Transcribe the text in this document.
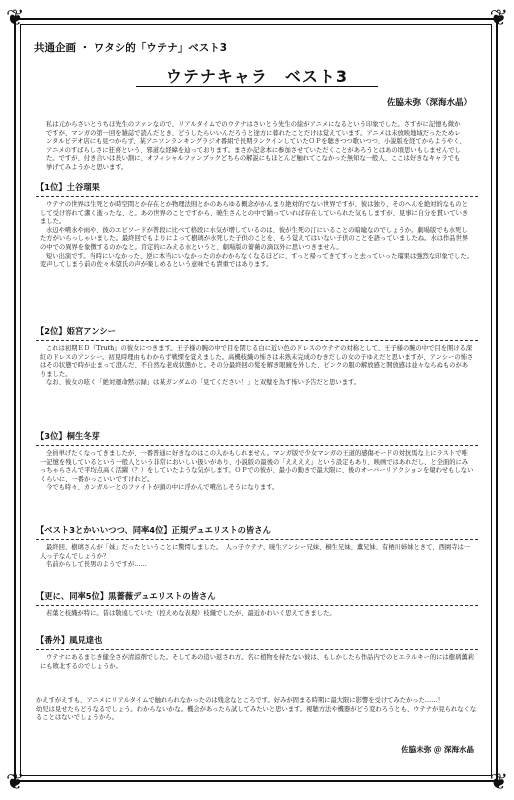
❦	❦
❦	❦
共通企画 ・ ワタシ的「ウテナ」ベスト3
ウテナキャラ　ベスト3
佐脇未弥（深海水晶）
私は元からさいとうちほ先生のファンなので、リアルタイムでのウテナはさいとう先生の絵がアニメになるという印象でした。さすがに記憶も微かですが、マンガの第一回を雑誌で読んだとき、どうしたらいいんだろうと途方に暮れたことだけは覚えています。アニメは未放映地域だったためレンタルビデオ店にも見つからず、某アニソンランキングラジオ番組で長期ランクインしていたＯＰを聴きつつ歌いつつ、小説版を経てからようやく、アニメのすばらしさに狂喜という、邪道な経緯を辿っております。まさか記念本に参加させていただくことがあろうとはあの頃思いもしませんでした。ですが、付き合いは長い割に、オフィシャルファンブックどちらの解説にもほとんど触れてこなかった無知な一般人、ここは好きなキャラでも挙げてみようかと思います。
【1位】土谷瑠果

ウテナの世界は生死とか時空間とか存在とか物理法則とかのあらゆる概念がかんまり絶対的でない世界ですが、彼は独り、そのへんを絶対的なものとして受け容れて潔く逝ったな、と。あの世界のことですから、暁生さんとの中で踊っていれば存在していられた気もしますが、見事に自分を貫いていきました。

水辺や噴水や雨や、彼のエピソードが普段に比べて格段に水気が増しているのは、彼が生死の汀にいることの暗喩なのでしょうか。劇場版でも水死した方がいらっしゃいました。最終回でもよりによって樹璃が水死した子供のことを、もう覚えてはいない子供のことを語っていましたね。水は作品世界の中での異界を象徴するのかなと。肯定的にみえる水というと、劇場版の薔薇の滴以外に思いつきません。

短い出演です。当時にいなかった、逆に本当にいなかったのかわからなくなるほどに、すっと帰ってきてすっと去っていった瑠果は強烈な印象でした。変声してしまう前の佐々木望氏の声が楽しめるという意味でも貴重ではあります。

【2位】姫宮アンシー

これは初期ＥＤ『Truth』の彼女につきます。王子様の腕の中で目を閉じる白に近い色のドレスのウテナの対称として、王子様の腕の中で目を開ける深紅のドレスのアンシー。初見時理由もわからず戦慄を覚えました。高機枝織の怖さは未熟未完成のむきだしの女の子ゆえだと思いますが、アンシーの怖さはその状態で時が止まって澄んだ、不自然な老成状態かと。その分最終回の髪を解き眼鏡を外した、ピンクの服の解放感と開放感は並々ならぬものがありました。

なお、彼女の呟く「絶対運命黙示録」は某ガンダムの「見てください！」と双璧を為す怖い予告だと思います。

【3位】桐生冬芽

全員単げたくなってきましたが、一番普通に好きなのはこの人かもしれません。マンガ版で少女マンガの王道的感傷モードの対抗馬な上にラストで唯一記憶を残しているという一般人という非常においしい扱いがあり、小説版の最後の「ええええ」という設定もあり、映画ではあれだし、と全面的にみっちゃらさんで平均点高く活躍（？）をしていたような気がします。ＯＰでの彼が、最小の動きで最大限に、後のオーバーリアクションを窺わせもしないくらいに、一番かっこいいですけれど。

今でも時々、カンガルーとのファイトが頭の中に浮かんで噴出しそうになります。

【ベスト3とかいいつつ、同率4位】正規デュエリストの皆さん

最終回、樹璃さんが「妹」だったということに驚愕しました。　人っ子ウテナ、暁生アンシー兄妹、桐生兄妹、薫兄妹、有栖川姉妹ときて、西園寺は一人っ子なんでしょうか？

名前からして長男のようですが……

【更に、同率5位】黒薔薇デュエリストの皆さん

若葉と枝織が特に。昔は敬遠していた（控えめな表現）枝織でしたが、最近かわいく思えてきました。

【番外】風見達也

ウテナにあるまじき健全さが清涼剤でした。そしてあの追い返され方。名に植物を持たない彼は、もしかしたら作品内でのヒエラルキー的には樹璃薫莉にも敗北するのでしょうか。

かえすがえすも、アニメにリアルタイムで触れられなかったのは残念なところです。好みが固まる時期に最大限に影響を受けてみたかった……！
幼児は見せたらどうなるでしょう。わからないかな。機会があったら試してみたいと思います。視聴方法や機器がどう変わろうとも、ウテナが見られなくなることはないでしょうから。
佐脇未弥 ＠ 深海水晶
